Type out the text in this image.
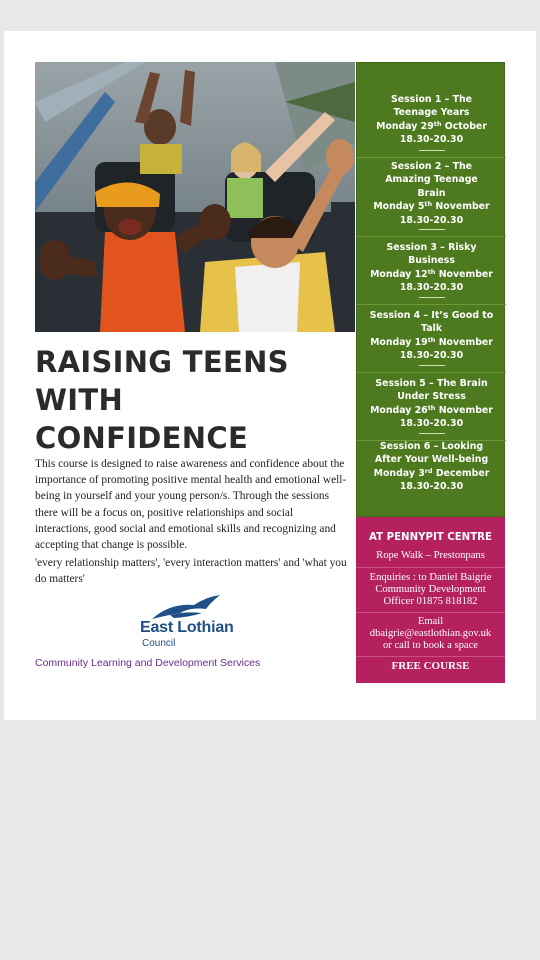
RAISING TEENS
WITH
CONFIDENCE

This course is designed to raise awareness and confidence about the importance of promoting positive mental health and emotional well-being in yourself and your young person/s. Through the sessions there will be a focus on, positive relationships and social interactions, good social and emotional skills and recognizing and accepting that change is possible.

'every relationship matters', 'every interaction matters' and 'what you do matters'

East Lothian
Council
Community Learning and Development Services
Session 1 – The
Teenage Years
Monday 29th October
18.30-20.30
Session 2 – The
Amazing Teenage
Brain
Monday 5th November
18.30-20.30
Session 3 – Risky
Business
Monday 12th November
18.30-20.30
Session 4 – It’s Good to
Talk
Monday 19th November
18.30-20.30
Session 5 – The Brain
Under Stress
Monday 26th November
18.30-20.30
Session 6 – Looking
After Your Well-being
Monday 3rd December
18.30-20.30
AT PENNYPIT CENTRE
Rope Walk – Prestonpans
Enquiries : to Daniel Baigrie
Community Development
Officer 01875 818182
Email
dbaigrie@eastlothian.gov.uk
or call to book a space
FREE COURSE
